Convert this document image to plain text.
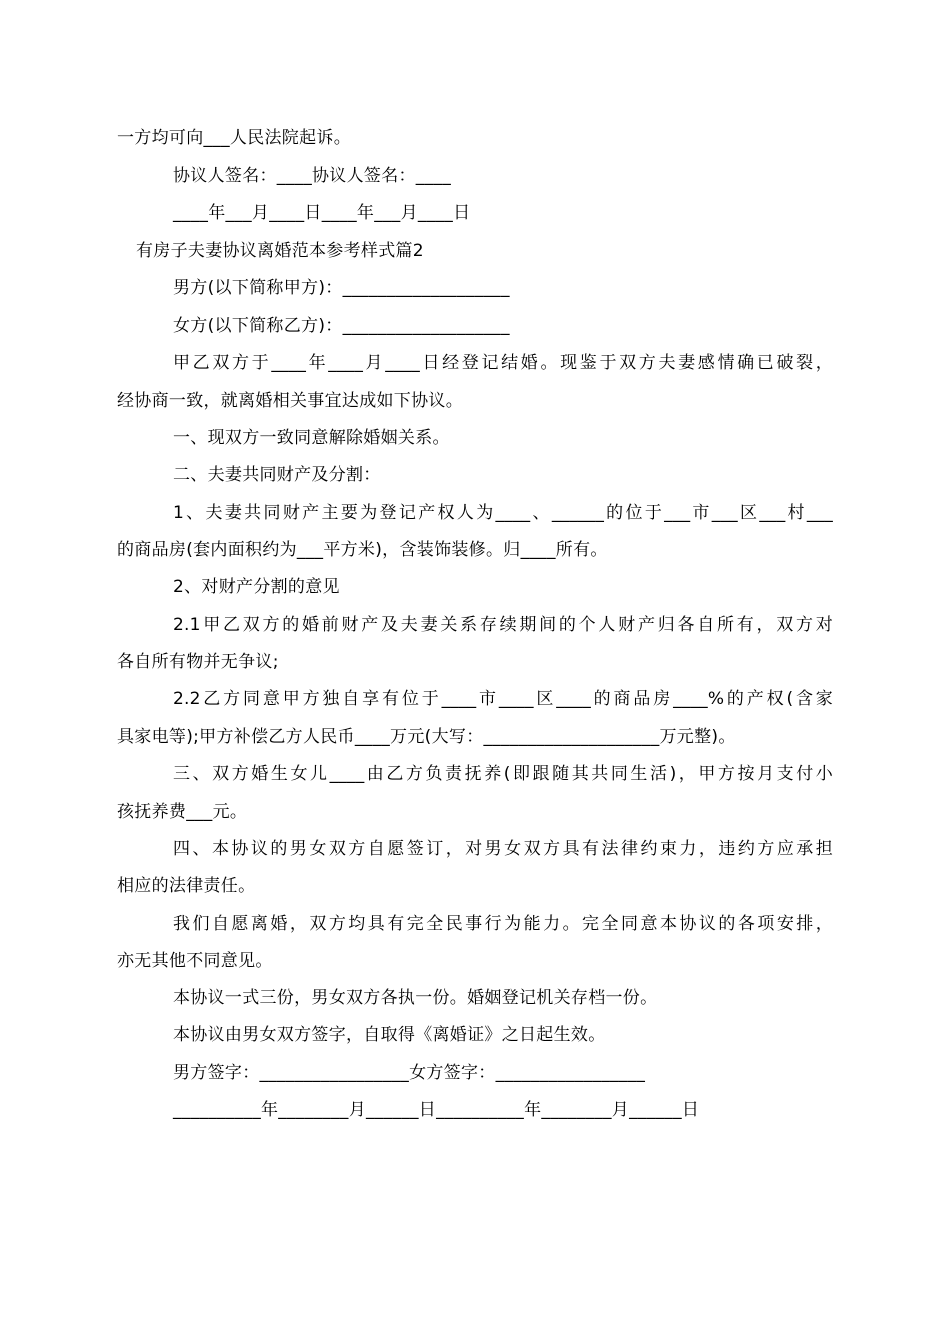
一方均可向___人民法院起诉。
协议人签名：____协议人签名：____
____年___月____日____年___月____日
有房子夫妻协议离婚范本参考样式篇2
男方(以下简称甲方)：___________________
女方(以下简称乙方)：___________________
甲乙双方于____年____月____日经登记结婚。现鉴于双方夫妻感情确已破裂，
经协商一致，就离婚相关事宜达成如下协议。
一、现双方一致同意解除婚姻关系。
二、夫妻共同财产及分割：
1、夫妻共同财产主要为登记产权人为____、______的位于___市___区___村___
的商品房(套内面积约为___平方米)，含装饰装修。归____所有。
2、对财产分割的意见
2.1甲乙双方的婚前财产及夫妻关系存续期间的个人财产归各自所有，双方对
各自所有物并无争议;
2.2乙方同意甲方独自享有位于____市____区____的商品房____%的产权(含家
具家电等);甲方补偿乙方人民币____万元(大写：____________________万元整)。
三、双方婚生女儿____由乙方负责抚养(即跟随其共同生活)，甲方按月支付小
孩抚养费___元。
四、本协议的男女双方自愿签订，对男女双方具有法律约束力，违约方应承担
相应的法律责任。
我们自愿离婚，双方均具有完全民事行为能力。完全同意本协议的各项安排，
亦无其他不同意见。
本协议一式三份，男女双方各执一份。婚姻登记机关存档一份。
本协议由男女双方签字，自取得《离婚证》之日起生效。
男方签字：_________________女方签字：_________________
__________年________月______日__________年________月______日
